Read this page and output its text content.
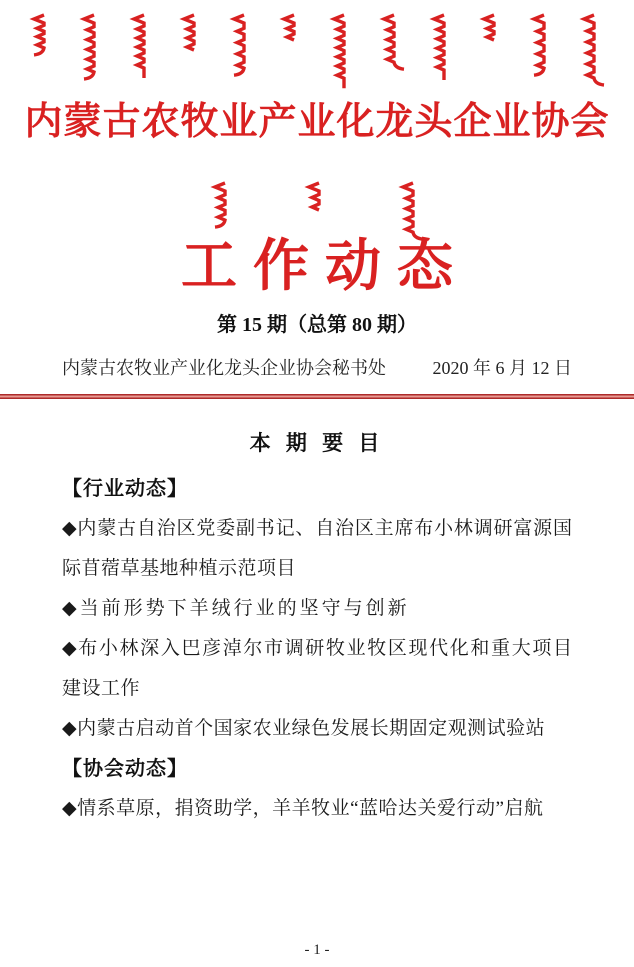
内蒙古农牧业产业化龙头企业协会
工作动态
第 15 期（总第 80 期）
内蒙古农牧业产业化龙头企业协会秘书处	2020 年 6 月 12 日
本 期 要 目
【行业动态】
◆内蒙古自治区党委副书记、自治区主席布小林调研富源国
际苜蓿草基地种植示范项目
◆当前形势下羊绒行业的坚守与创新
◆布小林深入巴彦淖尔市调研牧业牧区现代化和重大项目
建设工作
◆内蒙古启动首个国家农业绿色发展长期固定观测试验站
【协会动态】
◆情系草原，捐资助学，羊羊牧业“蓝哈达关爱行动”启航
- 1 -
